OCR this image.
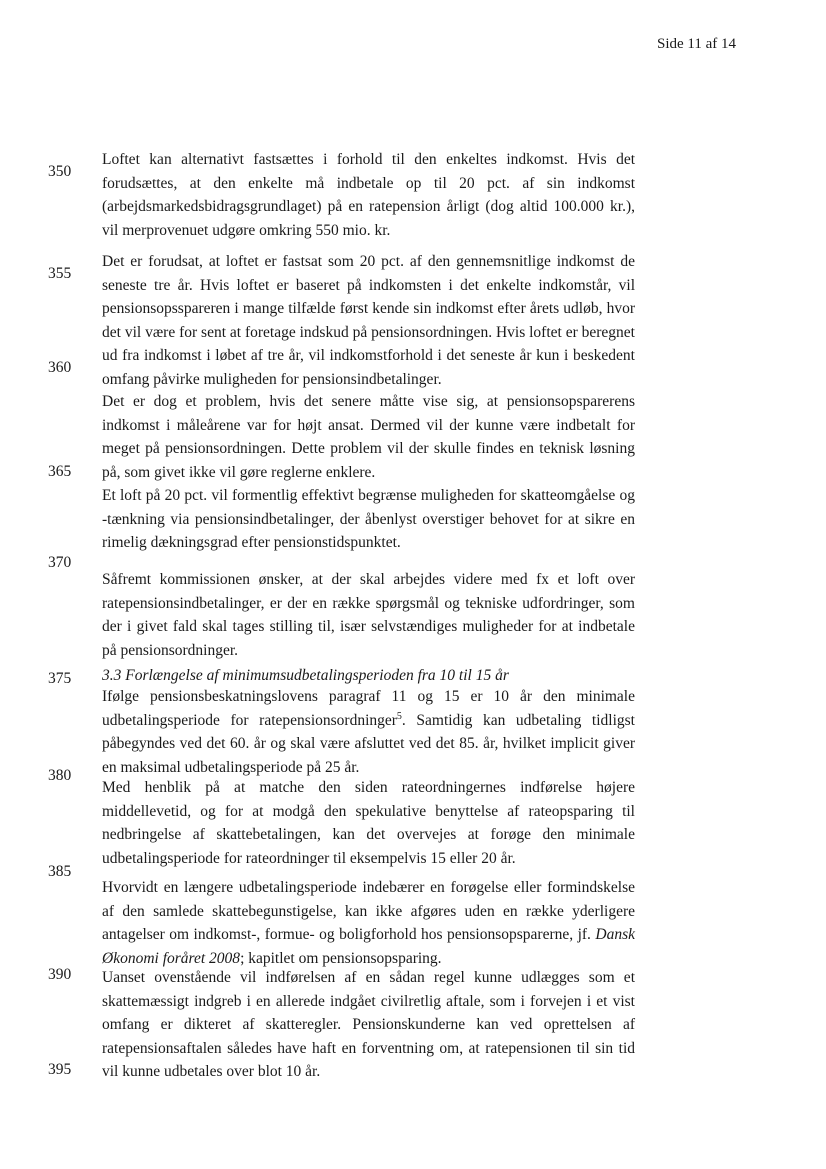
Side 11 af 14
350
355
360
365
370
375
380
385
390
395

Loftet kan alternativt fastsættes i forhold til den enkeltes indkomst. Hvis det forudsættes, at den enkelte må indbetale op til 20 pct. af sin indkomst (arbejdsmarkedsbidragsgrundlaget) på en ratepension årligt (dog altid 100.000 kr.), vil merprovenuet udgøre omkring 550 mio. kr.

Det er forudsat, at loftet er fastsat som 20 pct. af den gennemsnitlige indkomst de seneste tre år. Hvis loftet er baseret på indkomsten i det enkelte indkomstår, vil pensionsopsspareren i mange tilfælde først kende sin indkomst efter årets udløb, hvor det vil være for sent at foretage indskud på pensionsordningen. Hvis loftet er beregnet ud fra indkomst i løbet af tre år, vil indkomstforhold i det seneste år kun i beskedent omfang påvirke muligheden for pensionsindbetalinger.

Det er dog et problem, hvis det senere måtte vise sig, at pensionsopsparerens indkomst i måleårene var for højt ansat. Dermed vil der kunne være indbetalt for meget på pensionsordningen. Dette problem vil der skulle findes en teknisk løsning på, som givet ikke vil gøre reglerne enklere.

Et loft på 20 pct. vil formentlig effektivt begrænse muligheden for skatteomgåelse og -tænkning via pensionsindbetalinger, der åbenlyst overstiger behovet for at sikre en rimelig dækningsgrad efter pensionstidspunktet.

Såfremt kommissionen ønsker, at der skal arbejdes videre med fx et loft over ratepensionsindbetalinger, er der en række spørgsmål og tekniske udfordringer, som der i givet fald skal tages stilling til, især selvstændiges muligheder for at indbetale på pensionsordninger.

3.3 Forlængelse af minimumsudbetalingsperioden fra 10 til 15 år

Ifølge pensionsbeskatningslovens paragraf 11 og 15 er 10 år den minimale udbetalingsperiode for ratepensionsordninger$^5$. Samtidig kan udbetaling tidligst påbegyndes ved det 60. år og skal være afsluttet ved det 85. år, hvilket implicit giver en maksimal udbetalingsperiode på 25 år.

Med henblik på at matche den siden rateordningernes indførelse højere middellevetid, og for at modgå den spekulative benyttelse af rateopsparing til nedbringelse af skattebetalingen, kan det overvejes at forøge den minimale udbetalingsperiode for rateordninger til eksempelvis 15 eller 20 år.

Hvorvidt en længere udbetalingsperiode indebærer en forøgelse eller formindskelse af den samlede skattebegunstigelse, kan ikke afgøres uden en række yderligere antagelser om indkomst-, formue- og boligforhold hos pensionsopsparerne, jf. Dansk Økonomi foråret 2008; kapitlet om pensionsopsparing.

Uanset ovenstående vil indførelsen af en sådan regel kunne udlægges som et skattemæssigt indgreb i en allerede indgået civilretlig aftale, som i forvejen i et vist omfang er dikteret af skatteregler. Pensionskunderne kan ved oprettelsen af ratepensionsaftalen således have haft en forventning om, at ratepensionen til sin tid vil kunne udbetales over blot 10 år.
